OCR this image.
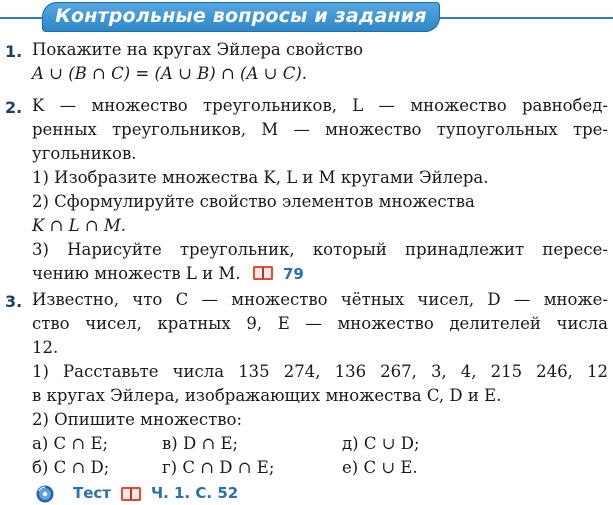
Контрольные вопросы и задания
1. Покажите на кругах Эйлера свойство
A ∪ (B ∩ C) = (A ∪ B) ∩ (A ∪ C).
2. K — множество треугольников, L — множество равнобед-
ренных треугольников, M — множество тупоугольных тре-
угольников.
1) Изобразите множества K, L и M кругами Эйлера.
2) Сформулируйте свойство элементов множества
K ∩ L ∩ M.
3) Нарисуйте треугольник, который принадлежит пересе-
чению множеств L и M.	79
3. Известно, что C — множество чётных чисел, D — множе-
ство чисел, кратных 9, E — множество делителей числа
12.
1) Расставьте числа 135 274, 136 267, 3, 4, 215 246, 12
в кругах Эйлера, изображающих множества C, D и E.
2) Опишите множество:
а) C ∩ E;	в) D ∩ E;	д) C ∪ D;
б) C ∩ D;	г) C ∩ D ∩ E;	е) C ∪ E.
Тест	Ч. 1. С. 52
